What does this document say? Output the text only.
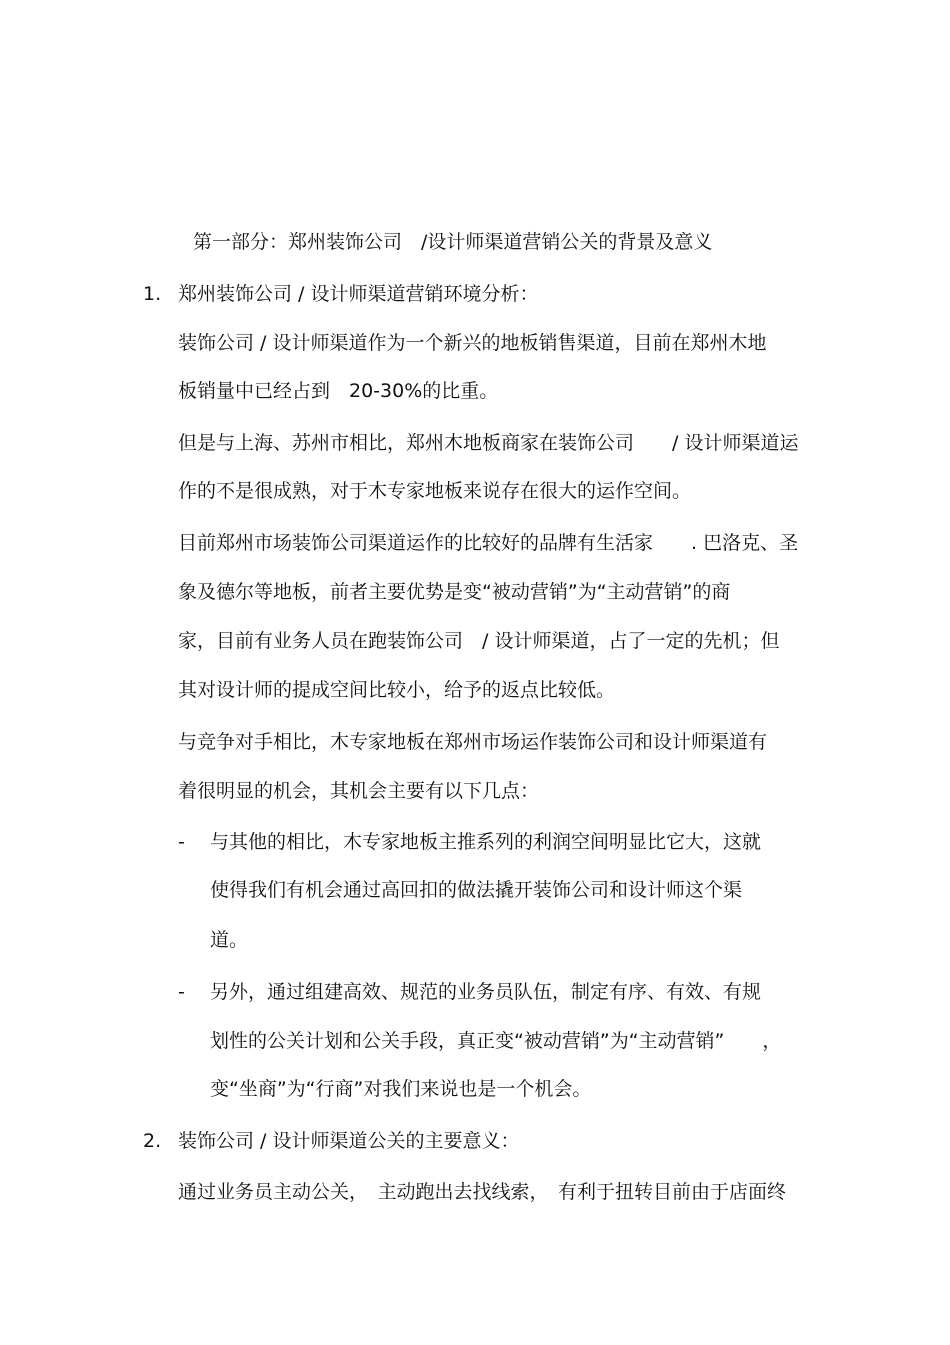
第一部分：郑州装饰公司　/设计师渠道营销公关的背景及意义
1. 郑州装饰公司 / 设计师渠道营销环境分析：
装饰公司 / 设计师渠道作为一个新兴的地板销售渠道，目前在郑州木地
板销量中已经占到　20-30%的比重。
但是与上海、苏州市相比，郑州木地板商家在装饰公司　　/ 设计师渠道运
作的不是很成熟，对于木专家地板来说存在很大的运作空间。
目前郑州市场装饰公司渠道运作的比较好的品牌有生活家　　. 巴洛克、圣
象及德尔等地板，前者主要优势是变“被动营销”为“主动营销”的商
家，目前有业务人员在跑装饰公司　/ 设计师渠道，占了一定的先机；但
其对设计师的提成空间比较小，给予的返点比较低。
与竞争对手相比，木专家地板在郑州市场运作装饰公司和设计师渠道有
着很明显的机会，其机会主要有以下几点：
- 与其他的相比，木专家地板主推系列的利润空间明显比它大，这就
使得我们有机会通过高回扣的做法撬开装饰公司和设计师这个渠
道。
- 另外，通过组建高效、规范的业务员队伍，制定有序、有效、有规
划性的公关计划和公关手段，真正变“被动营销”为“主动营销”　　，
变“坐商”为“行商”对我们来说也是一个机会。
2. 装饰公司 / 设计师渠道公关的主要意义：
通过业务员主动公关，　主动跑出去找线索，　有利于扭转目前由于店面终
